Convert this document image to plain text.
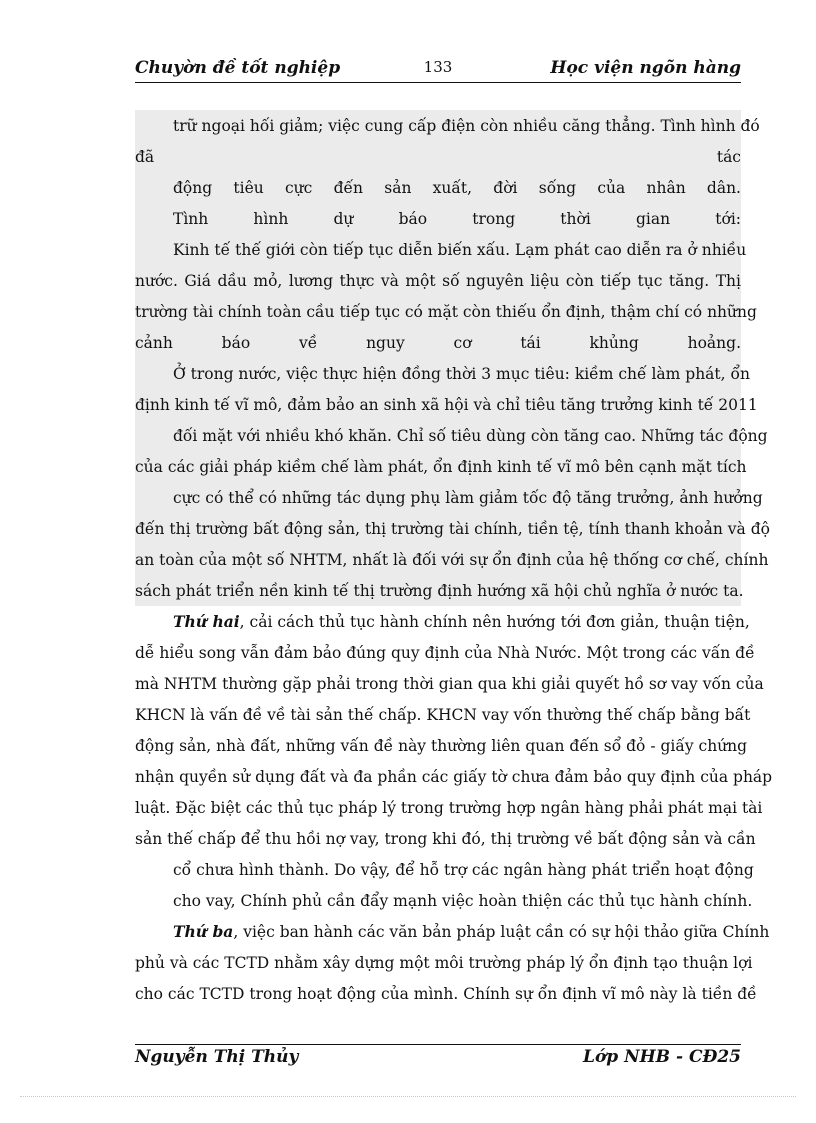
Chuyờn đề tốt nghiệp	133	Học viện ngõn hàng
trữ ngoại hối giảm; việc cung cấp điện còn nhiều căng thẳng. Tình hình đó
đã tác
động tiêu cực đến sản xuất, đời sống của nhân dân.
Tình hình dự báo trong thời gian tới:
Kinh tế thế giới còn tiếp tục diễn biến xấu. Lạm phát cao diễn ra ở nhiều
nước. Giá dầu mỏ, lương thực và một số nguyên liệu còn tiếp tục tăng. Thị
trường tài chính toàn cầu tiếp tục có mặt còn thiếu ổn định, thậm chí có những
cảnh báo về nguy cơ tái khủng hoảng.
Ở trong nước, việc thực hiện đồng thời 3 mục tiêu: kiềm chế làm phát, ổn
định kinh tế vĩ mô, đảm bảo an sinh xã hội và chỉ tiêu tăng trưởng kinh tế 2011
đối mặt với nhiều khó khăn. Chỉ số tiêu dùng còn tăng cao. Những tác động
của các giải pháp kiềm chế làm phát, ổn định kinh tế vĩ mô bên cạnh mặt tích
cực có thể có những tác dụng phụ làm giảm tốc độ tăng trưởng, ảnh hưởng
đến thị trường bất động sản, thị trường tài chính, tiền tệ, tính thanh khoản và độ
an toàn của một số NHTM, nhất là đối với sự ổn định của hệ thống cơ chế, chính
sách phát triển nền kinh tế thị trường định hướng xã hội chủ nghĩa ở nước ta.
Thứ hai, cải cách thủ tục hành chính nên hướng tới đơn giản, thuận tiện,
dễ hiểu song vẫn đảm bảo đúng quy định của Nhà Nước. Một trong các vấn đề
mà NHTM thường gặp phải trong thời gian qua khi giải quyết hồ sơ vay vốn của
KHCN là vấn đề về tài sản thế chấp. KHCN vay vốn thường thế chấp bằng bất
động sản, nhà đất, những vấn đề này thường liên quan đến sổ đỏ - giấy chứng
nhận quyền sử dụng đất và đa phần các giấy tờ chưa đảm bảo quy định của pháp
luật. Đặc biệt các thủ tục pháp lý trong trường hợp ngân hàng phải phát mại tài
sản thế chấp để thu hồi nợ vay, trong khi đó, thị trường về bất động sản và cần
cổ chưa hình thành. Do vậy, để hỗ trợ các ngân hàng phát triển hoạt động
cho vay, Chính phủ cần đẩy mạnh việc hoàn thiện các thủ tục hành chính.
Thứ ba, việc ban hành các văn bản pháp luật cần có sự hội thảo giữa Chính
phủ và các TCTD nhằm xây dựng một môi trường pháp lý ổn định tạo thuận lợi
cho các TCTD trong hoạt động của mình. Chính sự ổn định vĩ mô này là tiền đề
Nguyễn Thị Thủy	Lớp NHB - CĐ25
